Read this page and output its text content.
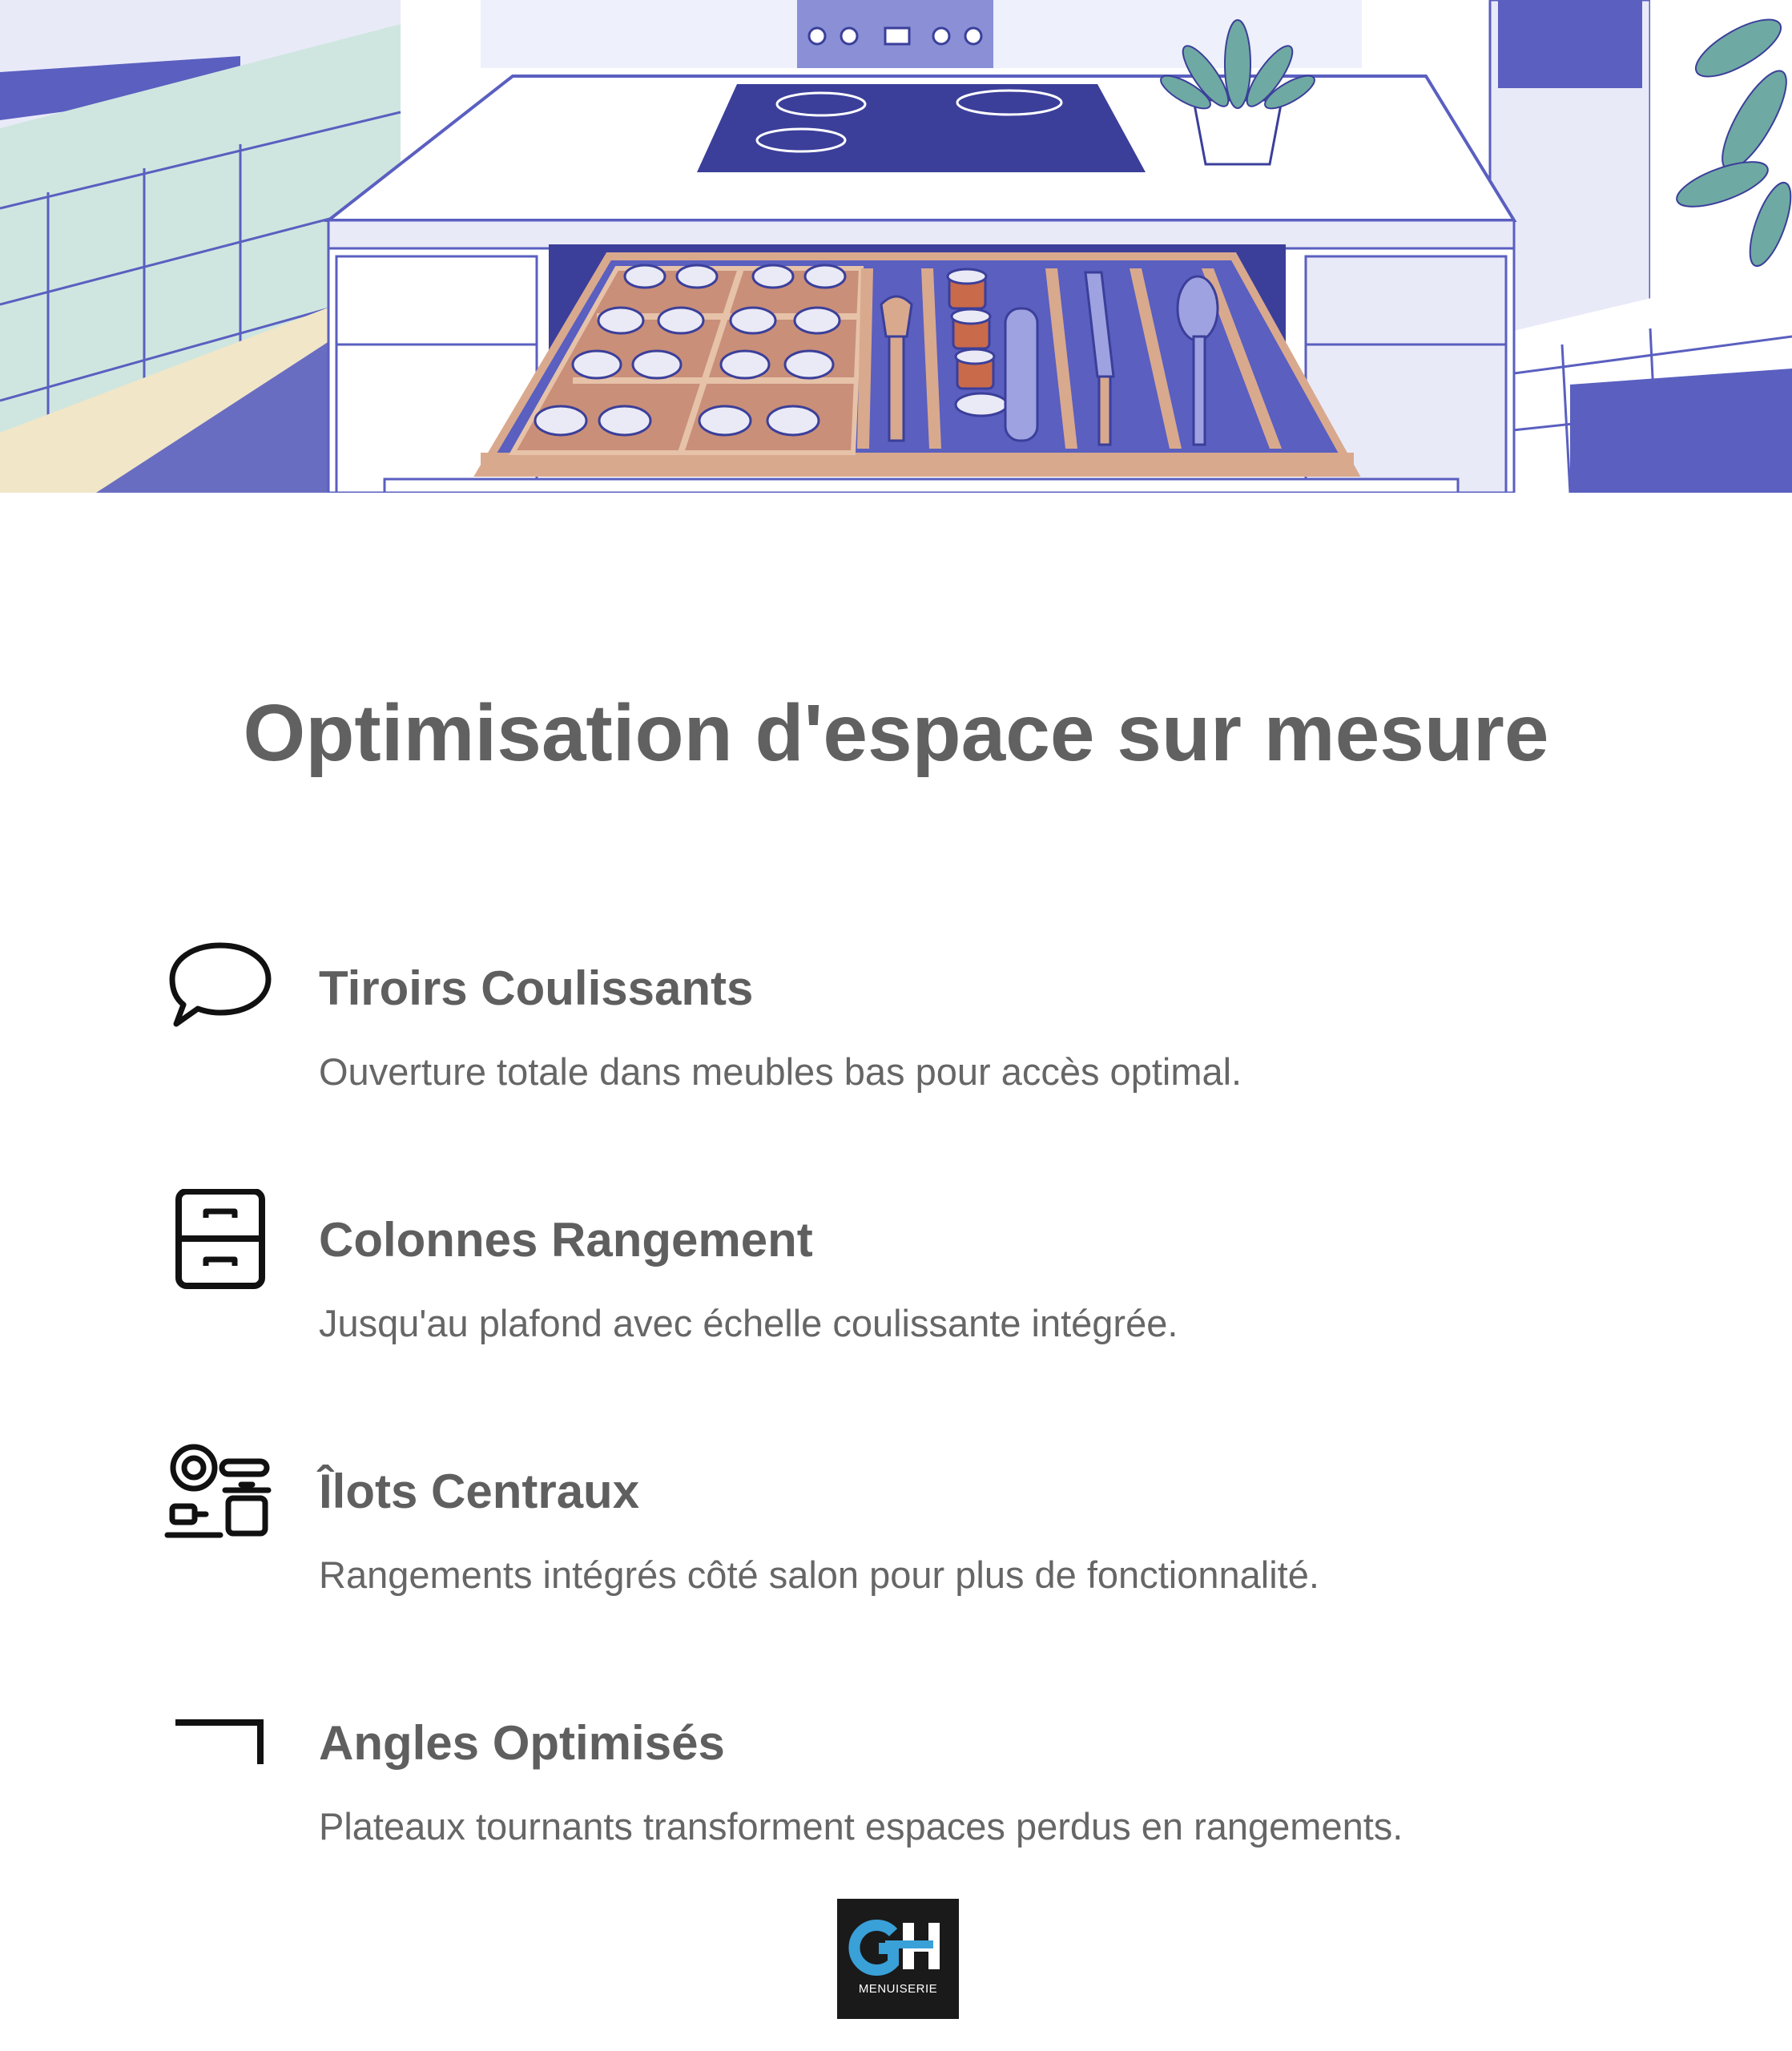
Optimisation d'espace sur mesure
Tiroirs Coulissants

Ouverture totale dans meubles bas pour accès optimal.

Colonnes Rangement

Jusqu'au plafond avec échelle coulissante intégrée.

Îlots Centraux

Rangements intégrés côté salon pour plus de fonctionnalité.

Angles Optimisés

Plateaux tournants transforment espaces perdus en rangements.

MENUISERIE
